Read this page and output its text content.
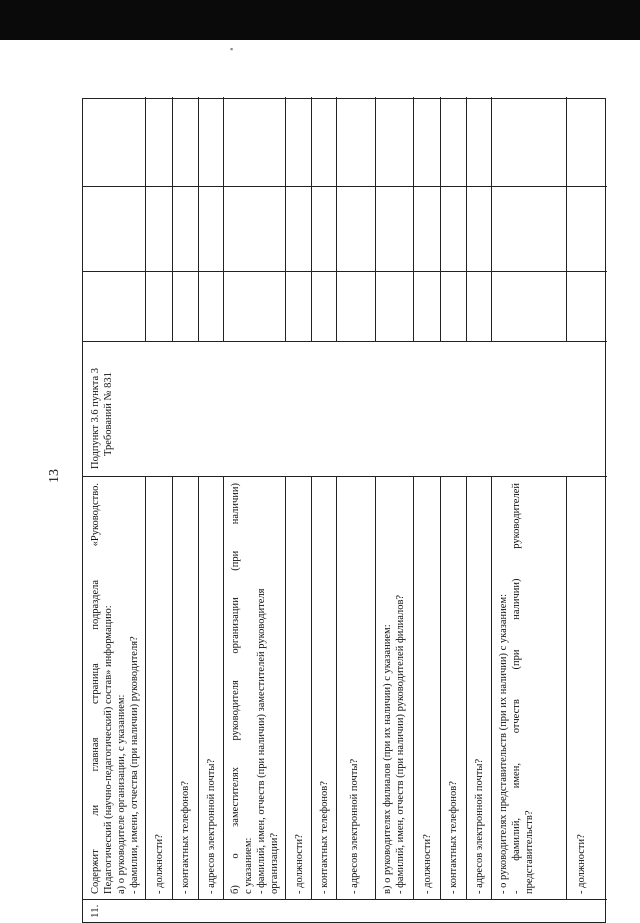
13
▪
11.
Содержит ли главная страница подраздела «Руководство. Педагогический (научно-педагогический) состав» информацию: а) о руководителе организации, с указанием: - фамилии, имени, отчества (при наличии) руководителя? - должности? - контактных телефонов? - адресов электронной почты? б) о заместителях руководителя организации (при наличии) с указанием: - фамилий, имен, отчеств (при наличии) заместителей руководителя организации? - должности? - контактных телефонов? - адресов электронной почты? в) о руководителях филиалов (при их наличии) с указанием: - фамилий, имен, отчеств (при наличии) руководителей филиалов? - должности? - контактных телефонов? - адресов электронной почты? - о руководителях представительств (при их наличии) с указанием: - фамилий, имен, отчеств (при наличии) руководителей представительств?	- должности?
Подпункт 3.6 пункта 3 Требований № 831
